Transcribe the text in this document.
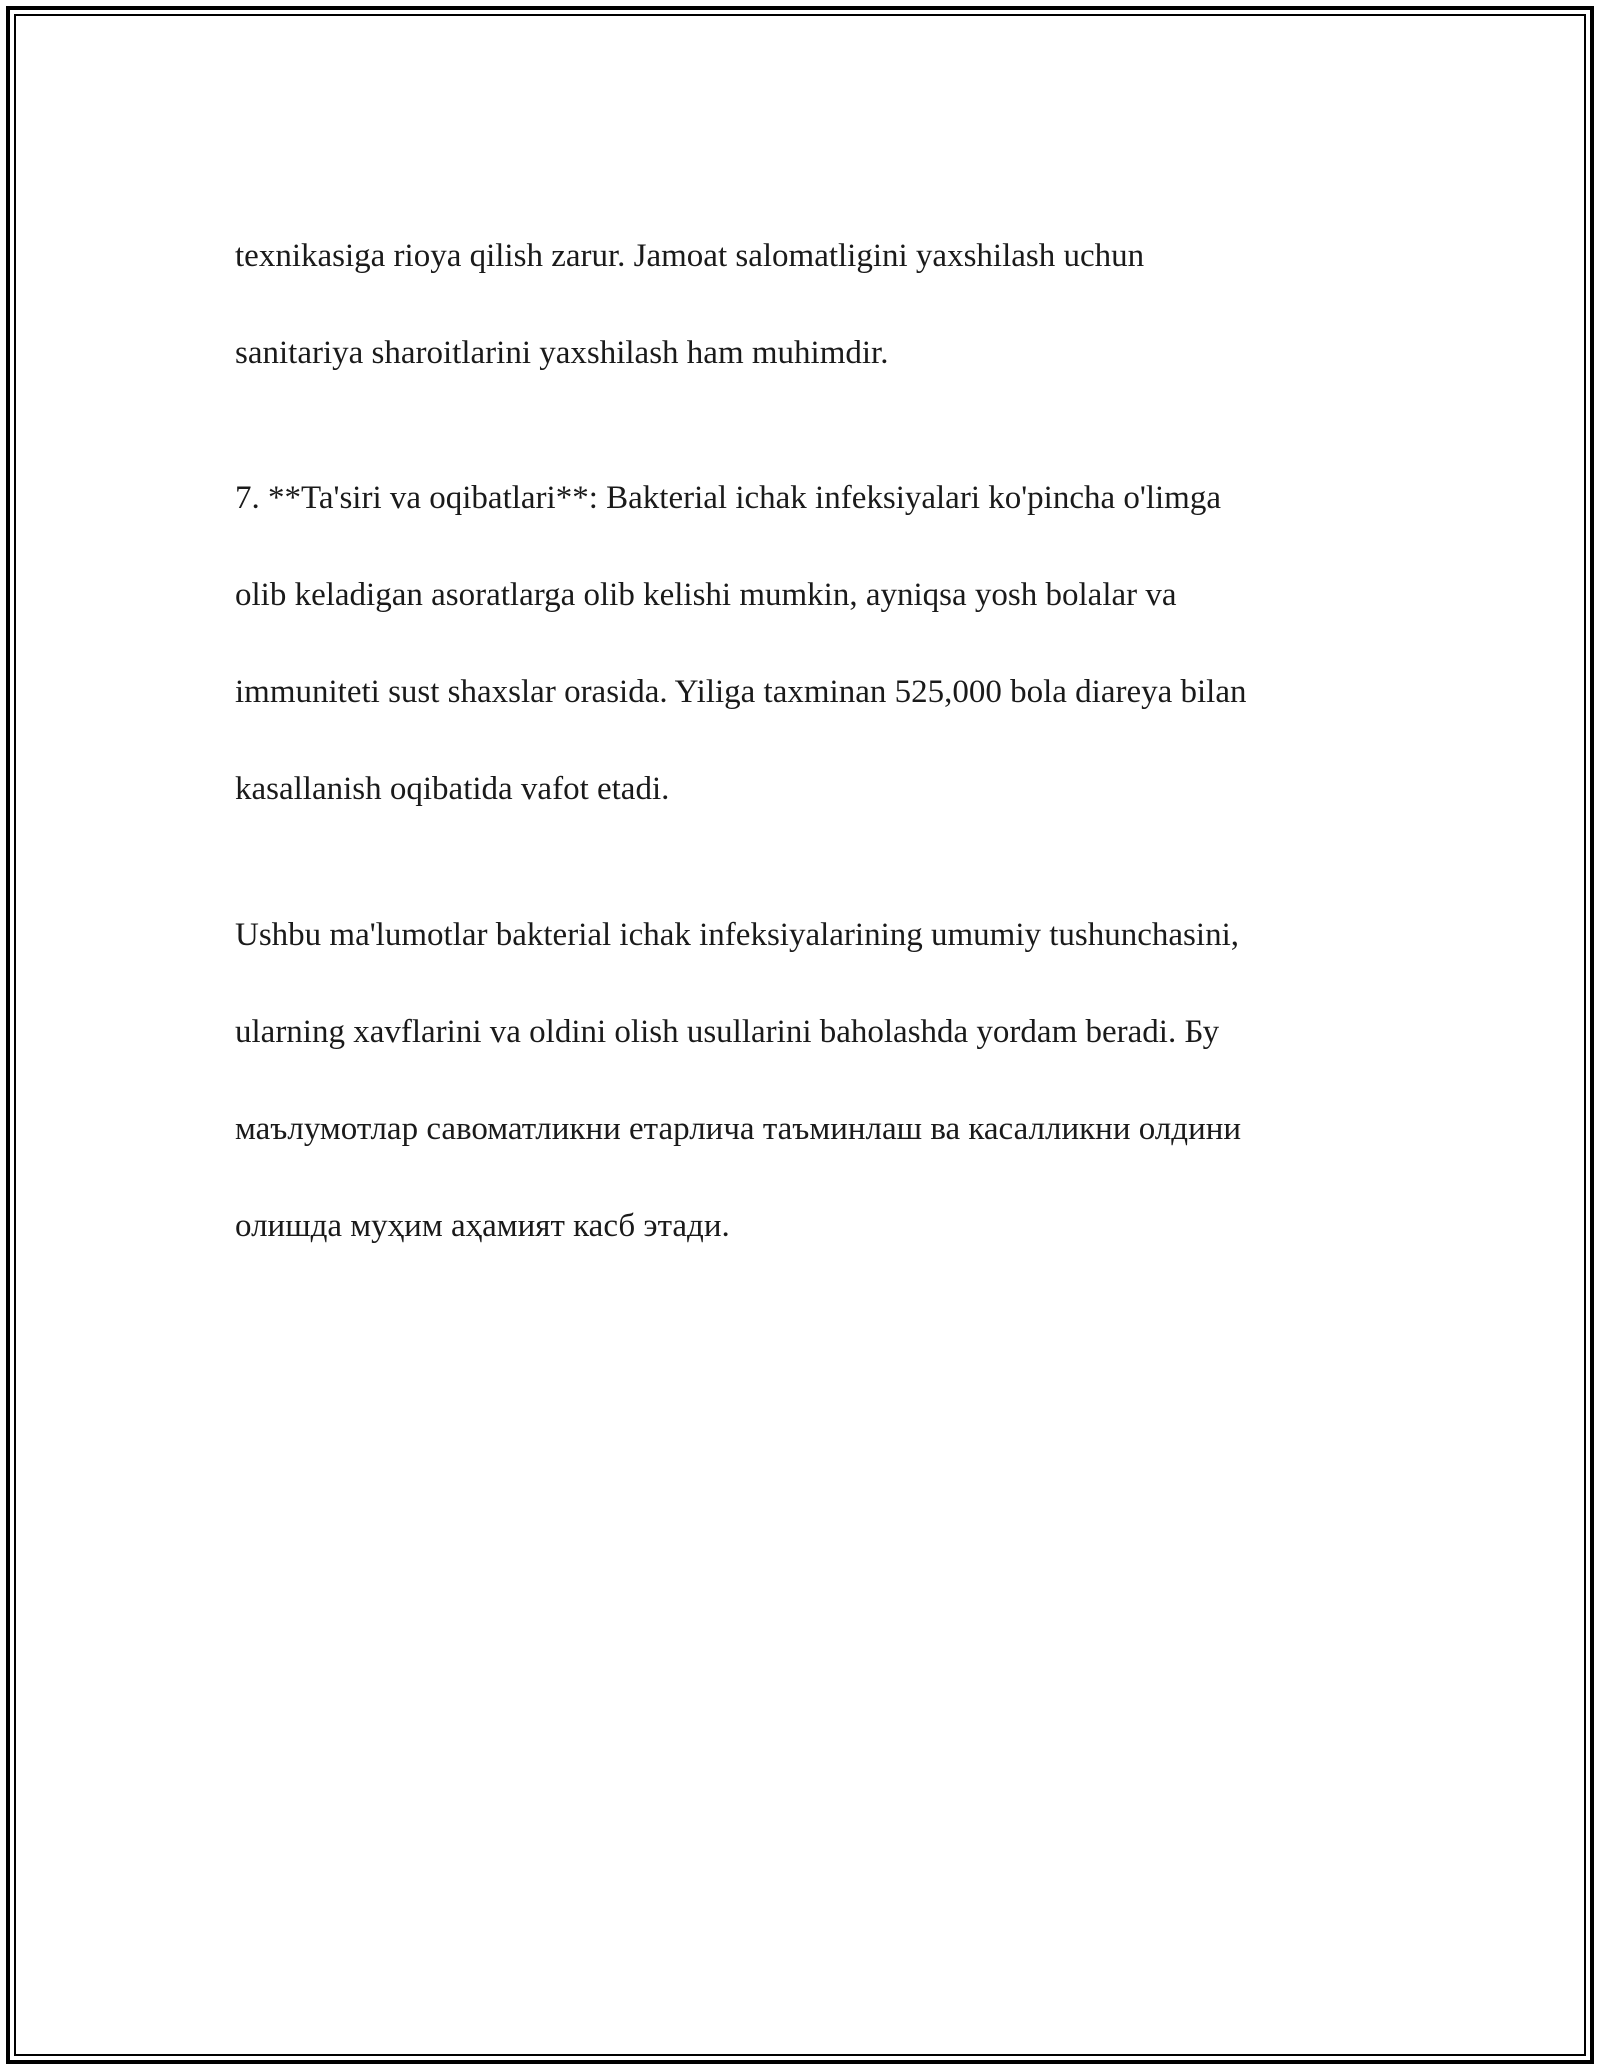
texnikasiga rioya qilish zarur. Jamoat salomatligini yaxshilash uchun

sanitariya sharoitlarini yaxshilash ham muhimdir.

7. **Ta'siri va oqibatlari**: Bakterial ichak infeksiyalari ko'pincha o'limga

olib keladigan asoratlarga olib kelishi mumkin, ayniqsa yosh bolalar va

immuniteti sust shaxslar orasida. Yiliga taxminan 525,000 bola diareya bilan

kasallanish oqibatida vafot etadi.

Ushbu ma'lumotlar bakterial ichak infeksiyalarining umumiy tushunchasini,

ularning xavflarini va oldini olish usullarini baholashda yordam beradi. Бу

маълумотлар савоматликни етарлича таъминлаш ва касалликни олдини

олишда муҳим аҳамият касб этади.
